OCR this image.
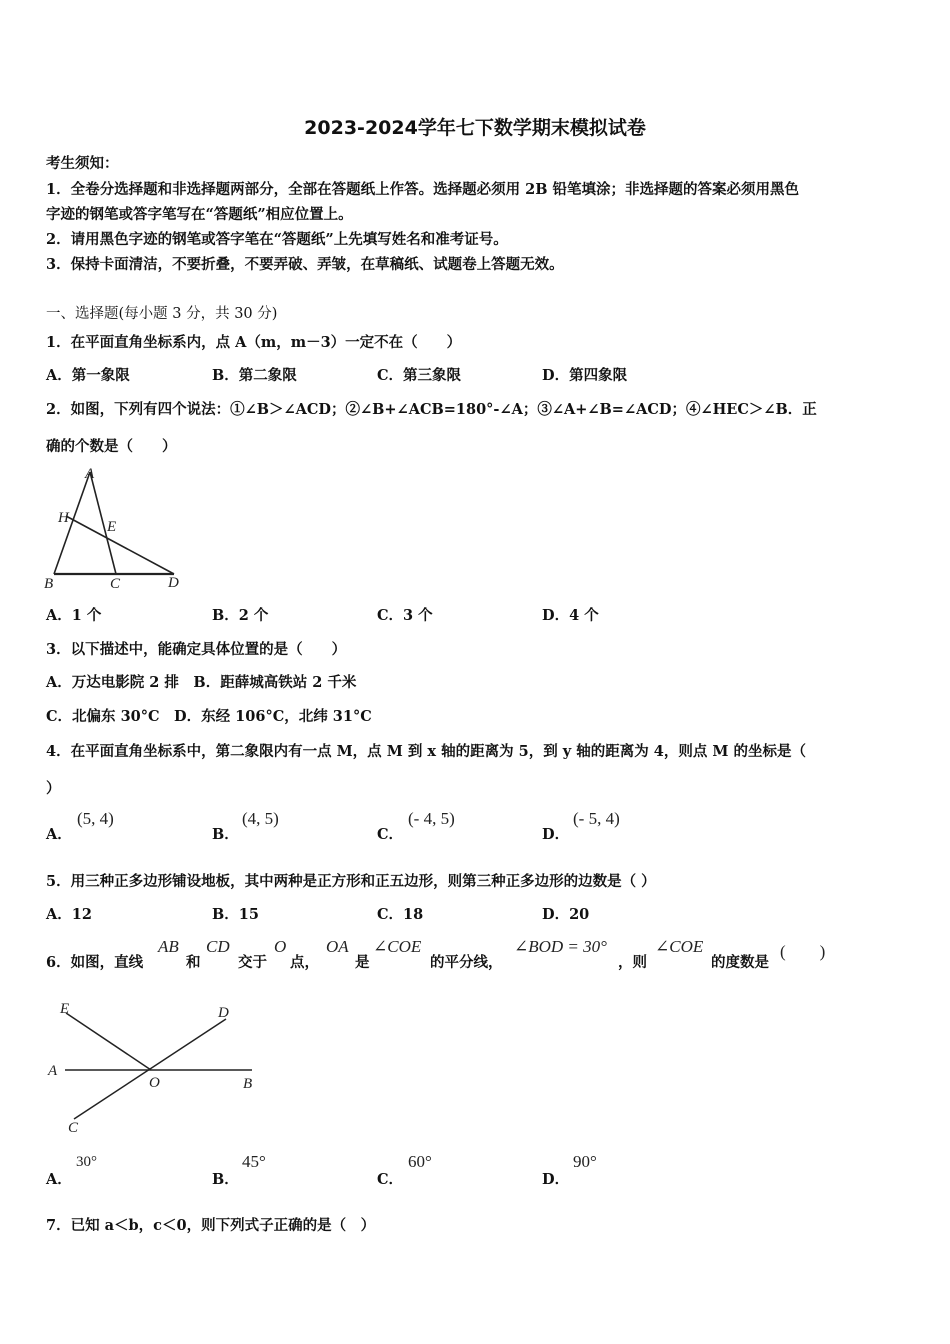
2023-2024学年七下数学期末模拟试卷
考生须知：
1．全卷分选择题和非选择题两部分，全部在答题纸上作答。选择题必须用 2B 铅笔填涂；非选择题的答案必须用黑色
字迹的钢笔或答字笔写在“答题纸”相应位置上。
2．请用黑色字迹的钢笔或答字笔在“答题纸”上先填写姓名和准考证号。
3．保持卡面清洁，不要折叠，不要弄破、弄皱，在草稿纸、试题卷上答题无效。
一、选择题(每小题 3 分，共 30 分)
1．在平面直角坐标系内，点 A（m，m－3）一定不在（　　）
A．第一象限	B．第二象限	C．第三象限	D．第四象限
2．如图，下列有四个说法：①∠B＞∠ACD；②∠B+∠ACB=180°-∠A；③∠A+∠B=∠ACD；④∠HEC＞∠B．正
确的个数是（　　）
A
H
E
B	C	D
A．1 个	B．2 个	C．3 个	D．4 个
3．以下描述中，能确定具体位置的是（　　）
A．万达电影院 2 排　B．距薛城高铁站 2 千米
C．北偏东 30°C　D．东经 106°C，北纬 31°C
4．在平面直角坐标系中，第二象限内有一点 M，点 M 到 x 轴的距离为 5，到 y 轴的距离为 4，则点 M 的坐标是（
）
A．
(5, 4)
B．
(4, 5)
C．
(- 4, 5)
D．
(- 5, 4)
5．用三种正多边形铺设地板，其中两种是正方形和正五边形，则第三种正多边形的边数是（ ）
A．12	B．15	C．18	D．20
6．如图，直线
AB
和
CD
交于
O
点，
OA
是
∠COE
的平分线，
∠BOD = 30°
，则
∠COE
的度数是
(　　)
E	D
A
O	B
C
A．
30°
B．
45°
C．
60°
D．
90°
7．已知 a＜b，c＜0，则下列式子正确的是（　）
